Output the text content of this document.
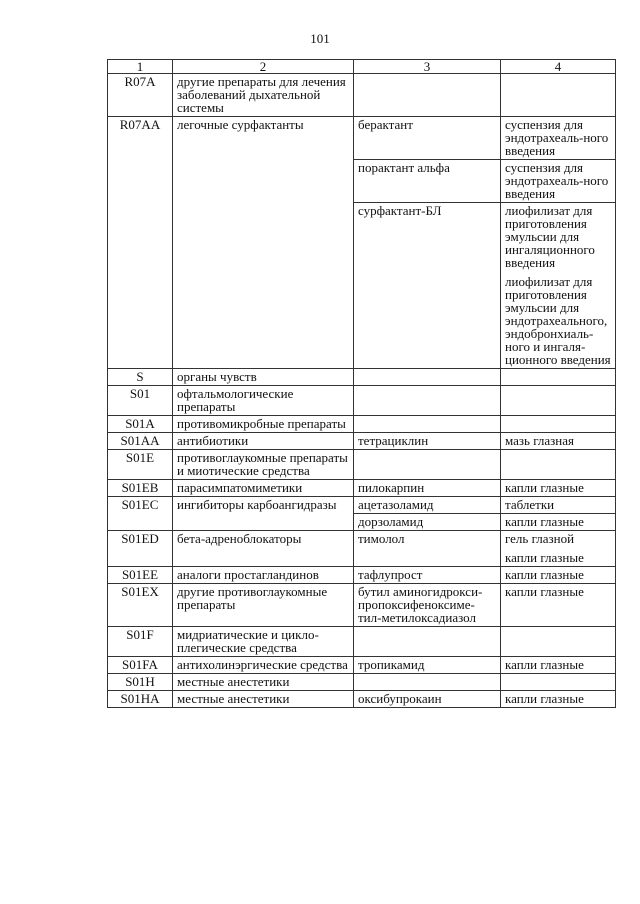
101
1	2	3	4
R07A	другие препараты для лечения заболеваний дыхательной системы		
R07AA	легочные сурфактанты	берактант	суспензия для эндотрахеаль-ного введения
		порактант альфа	суспензия для эндотрахеаль-ного введения
		сурфактант-БЛ	лиофилизат для приготовления эмульсии для ингаляционного введения
			лиофилизат для приготовления эмульсии для эндотрахеального, эндобронхиаль-ного и ингаля-ционного введения
S	органы чувств		
S01	офтальмологические препараты		
S01A	противомикробные препараты		
S01AA	антибиотики	тетрациклин	мазь глазная
S01E	противоглаукомные препараты и миотические средства		
S01EB	парасимпатомиметики	пилокарпин	капли глазные
S01EC	ингибиторы карбоангидразы	ацетазоламид	таблетки
		дорзоламид	капли глазные
S01ED	бета-адреноблокаторы	тимолол	гель глазной
			капли глазные
S01EE	аналоги простагландинов	тафлупрост	капли глазные
S01EX	другие противоглаукомные препараты	бутил аминогидрокси-пропоксифеноксиме-тил-метилоксадиазол	капли глазные
S01F	мидриатические и цикло-плегические средства		
S01FA	антихолинэргические средства	тропикамид	капли глазные
S01H	местные анестетики		
S01HA	местные анестетики	оксибупрокаин	капли глазные
